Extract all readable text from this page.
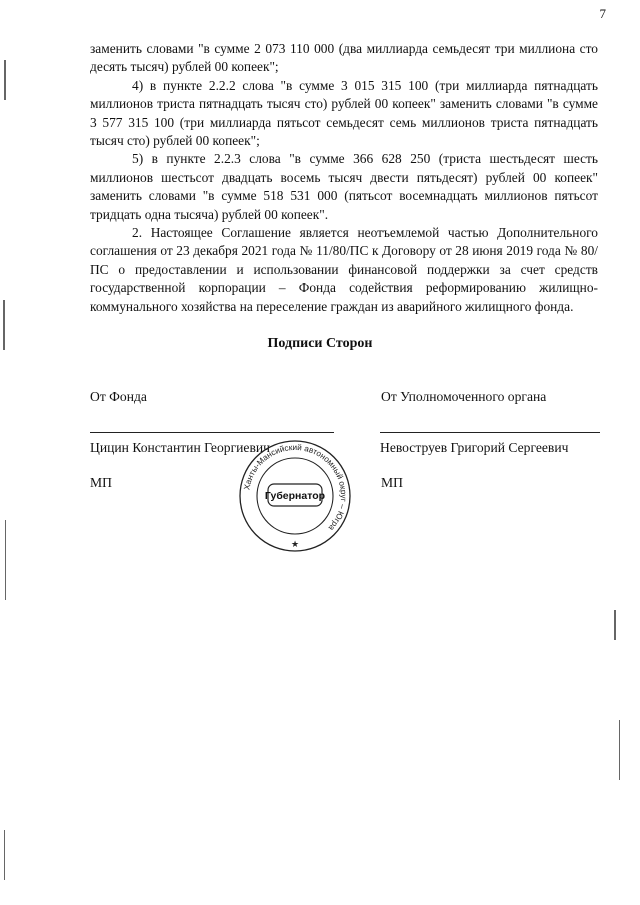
7

заменить словами "в сумме 2 073 110 000 (два миллиарда семьдесят три миллиона сто десять тысяч) рублей 00 копеек";

4) в пункте 2.2.2 слова "в сумме 3 015 315 100 (три миллиарда пятнадцать миллионов триста пятнадцать тысяч сто) рублей 00 копеек" заменить словами "в сумме 3 577 315 100 (три миллиарда пятьсот семьдесят семь миллионов триста пятнадцать тысяч сто) рублей 00 копеек";

5) в пункте 2.2.3 слова "в сумме 366 628 250 (триста шестьдесят шесть миллионов шестьсот двадцать восемь тысяч двести пятьдесят) рублей 00 копеек" заменить словами "в сумме 518 531 000 (пятьсот восемнадцать миллионов пятьсот тридцать одна тысяча) рублей 00 копеек".

2. Настоящее Соглашение является неотъемлемой частью Дополнительного соглашения от 23 декабря 2021 года № 11/80/ПС к Договору от 28 июня 2019 года № 80/ПС о предоставлении и использовании финансовой поддержки за счет средств государственной корпорации – Фонда содействия реформированию жилищно-коммунального хозяйства на переселение граждан из аварийного жилищного фонда.

Подписи Сторон
От Фонда	От Уполномоченного органа
Цицин Константин Георгиевич	Невоструев Григорий Сергеевич
МП	МП
Ханты-Мансийский автономный округ – Югра
Губернатор
★
